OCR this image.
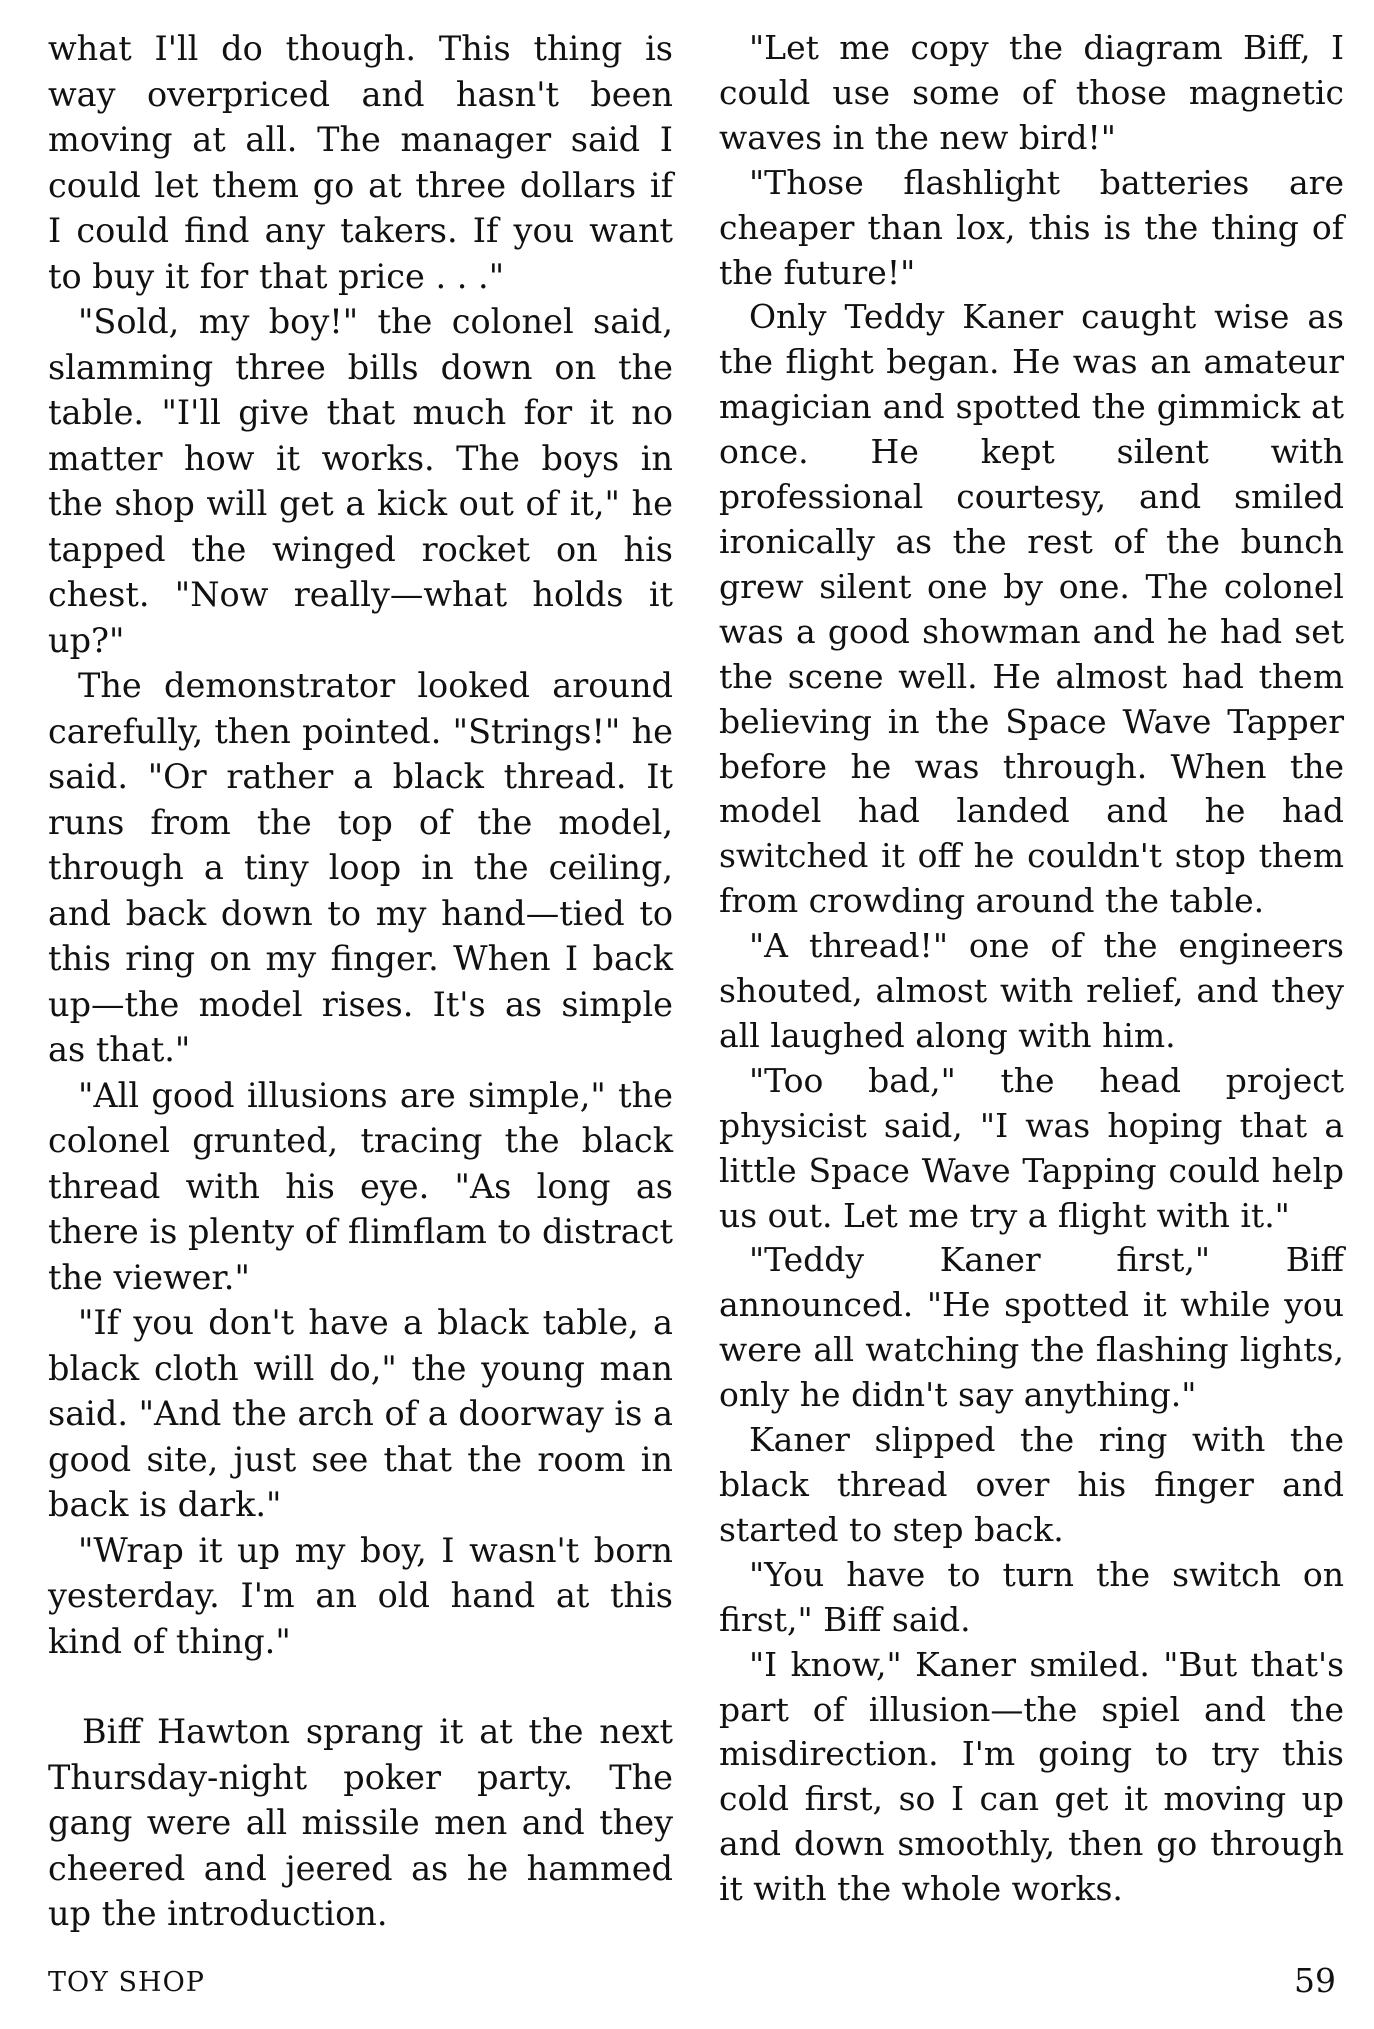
what I'll do though. This thing is way overpriced and hasn't been moving at all. The manager said I could let them go at three dollars if I could find any takers. If you want to buy it for that price . . ."

"Sold, my boy!" the colonel said, slamming three bills down on the table. "I'll give that much for it no matter how it works. The boys in the shop will get a kick out of it," he tapped the winged rocket on his chest. "Now really—what holds it up?"

The demonstrator looked around carefully, then pointed. "Strings!" he said. "Or rather a black thread. It runs from the top of the model, through a tiny loop in the ceiling, and back down to my hand—tied to this ring on my finger. When I back up—the model rises. It's as simple as that."

"All good illusions are simple," the colonel grunted, tracing the black thread with his eye. "As long as there is plenty of flimflam to distract the viewer."

"If you don't have a black table, a black cloth will do," the young man said. "And the arch of a doorway is a good site, just see that the room in back is dark."

"Wrap it up my boy, I wasn't born yesterday. I'm an old hand at this kind of thing."

Biff Hawton sprang it at the next Thursday-night poker party. The gang were all missile men and they cheered and jeered as he hammed up the introduction.

"Let me copy the diagram Biff, I could use some of those magnetic waves in the new bird!"

"Those flashlight batteries are cheaper than lox, this is the thing of the future!"

Only Teddy Kaner caught wise as the flight began. He was an amateur magician and spotted the gimmick at once. He kept silent with professional courtesy, and smiled ironically as the rest of the bunch grew silent one by one. The colonel was a good showman and he had set the scene well. He almost had them believing in the Space Wave Tapper before he was through. When the model had landed and he had switched it off he couldn't stop them from crowding around the table.

"A thread!" one of the engineers shouted, almost with relief, and they all laughed along with him.

"Too bad," the head project physicist said, "I was hoping that a little Space Wave Tapping could help us out. Let me try a flight with it."

"Teddy Kaner first," Biff announced. "He spotted it while you were all watching the flashing lights, only he didn't say anything."

Kaner slipped the ring with the black thread over his finger and started to step back.

"You have to turn the switch on first," Biff said.

"I know," Kaner smiled. "But that's part of illusion—the spiel and the misdirection. I'm going to try this cold first, so I can get it moving up and down smoothly, then go through it with the whole works.

TOY SHOP	59
